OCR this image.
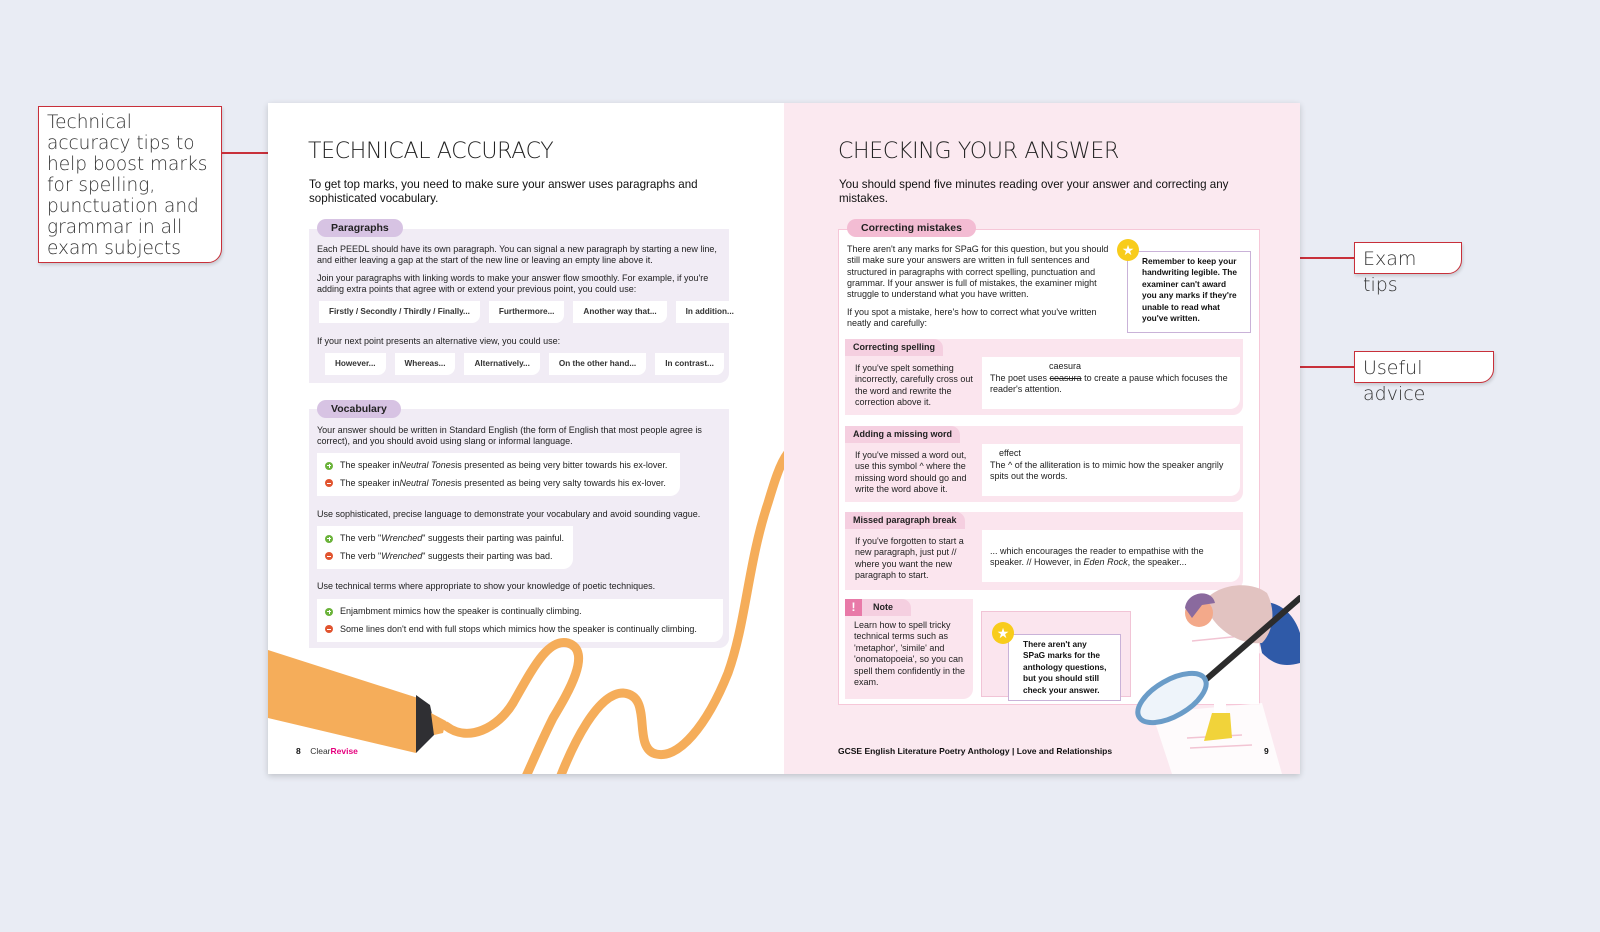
Technical accuracy tips to help boost marks for spelling, punctuation and grammar in all exam subjects	Exam tips
Useful advice
TECHNICAL ACCURACY
To get top marks, you need to make sure your answer uses paragraphs and sophisticated vocabulary.
Paragraphs
Each PEEDL should have its own paragraph. You can signal a new paragraph by starting a new line, and either leaving a gap at the start of the new line or leaving an empty line above it.
Join your paragraphs with linking words to make your answer flow smoothly. For example, if you're adding extra points that agree with or extend your previous point, you could use:
Firstly / Secondly / Thirdly / Finally...	Furthermore...	Another way that...	In addition...
If your next point presents an alternative view, you could use:
However...	Whereas...	Alternatively...	On the other hand...	In contrast...
Vocabulary
Your answer should be written in Standard English (the form of English that most people agree is correct), and you should avoid using slang or informal language.
The speaker in Neutral Tones is presented as being very bitter towards his ex-lover.
The speaker in Neutral Tones is presented as being very salty towards his ex-lover.
Use sophisticated, precise language to demonstrate your vocabulary and avoid sounding vague.
The verb " Wrenched " suggests their parting was painful.
The verb " Wrenched " suggests their parting was bad.
Use technical terms where appropriate to show your knowledge of poetic techniques.
Enjambment mimics how the speaker is continually climbing.
Some lines don't end with full stops which mimics how the speaker is continually climbing.
8 ClearRevise
CHECKING YOUR ANSWER
You should spend five minutes reading over your answer and correcting any mistakes.
Correcting mistakes
There aren't any marks for SPaG for this question, but you should still make sure your answers are written in full sentences and structured in paragraphs with correct spelling, punctuation and grammar. If your answer is full of mistakes, the examiner might struggle to understand what you have written.
If you spot a mistake, here's how to correct what you've written neatly and carefully:
Remember to keep your handwriting legible. The examiner can't award you any marks if they're unable to read what you've written.
★
Correcting spelling
If you've spelt something incorrectly, carefully cross out the word and rewrite the correction above it.
caesura
The poet uses ceasura to create a pause which focuses the reader's attention.
Adding a missing word
If you've missed a word out, use this symbol ^ where the missing word should go and write the word above it.
effect
The ^ of the alliteration is to mimic how the speaker angrily spits out the words.
Missed paragraph break
If you've forgotten to start a new paragraph, just put // where you want the new paragraph to start.
... which encourages the reader to empathise with the speaker. // However, in Eden Rock, the speaker...
!	Note
Learn how to spell tricky technical terms such as 'metaphor', 'simile' and 'onomatopoeia', so you can spell them confidently in the exam.
There aren't any SPaG marks for the anthology questions, but you should still check your answer.
★
GCSE English Literature Poetry Anthology | Love and Relationships	9
